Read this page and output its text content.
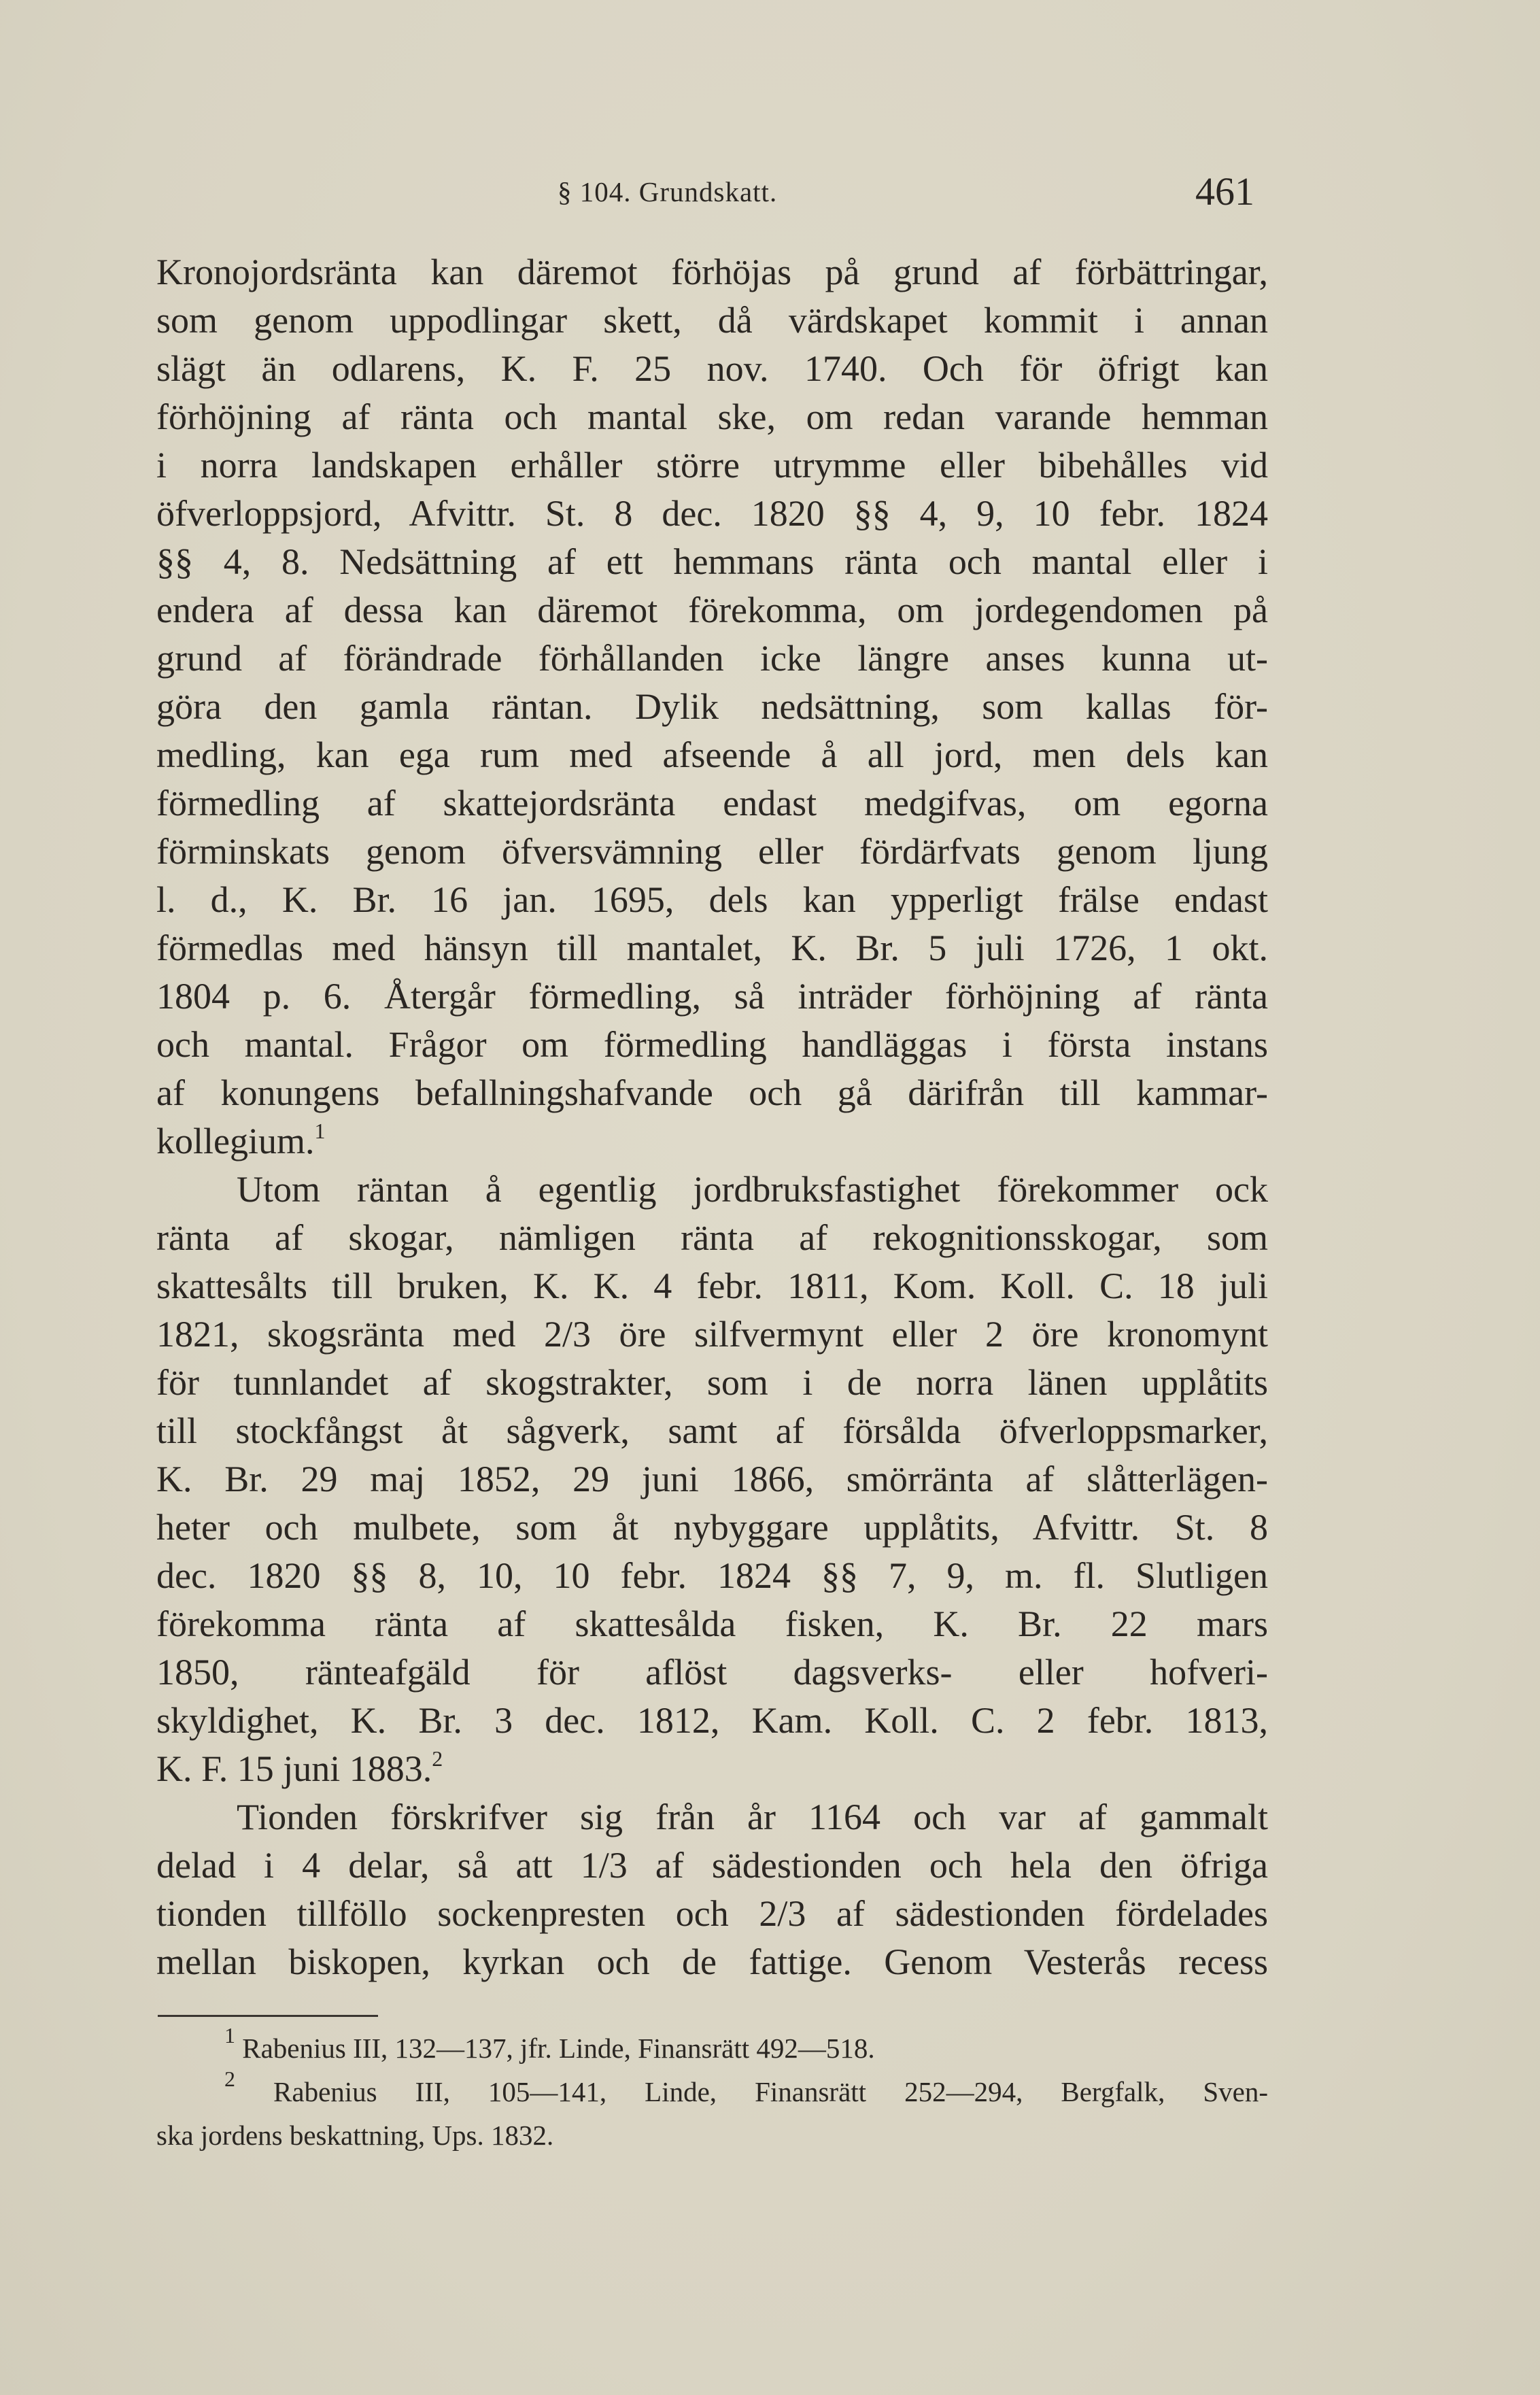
§ 104. Grundskatt.	461
Kronojordsränta kan däremot förhöjas på grund af förbättringar,
som genom uppodlingar skett, då värdskapet kommit i annan
slägt än odlarens, K. F. 25 nov. 1740. Och för öfrigt kan
förhöjning af ränta och mantal ske, om redan varande hemman
i norra landskapen erhåller större utrymme eller bibehålles vid
öfverloppsjord, Afvittr. St. 8 dec. 1820 §§ 4, 9, 10 febr. 1824
§§ 4, 8. Nedsättning af ett hemmans ränta och mantal eller i
endera af dessa kan däremot förekomma, om jordegendomen på
grund af förändrade förhållanden icke längre anses kunna ut-
göra den gamla räntan. Dylik nedsättning, som kallas för-
medling, kan ega rum med afseende å all jord, men dels kan
förmedling af skattejordsränta endast medgifvas, om egorna
förminskats genom öfversvämning eller fördärfvats genom ljung
l. d., K. Br. 16 jan. 1695, dels kan ypperligt frälse endast
förmedlas med hänsyn till mantalet, K. Br. 5 juli 1726, 1 okt.
1804 p. 6. Återgår förmedling, så inträder förhöjning af ränta
och mantal. Frågor om förmedling handläggas i första instans
af konungens befallningshafvande och gå därifrån till kammar-
kollegium.$^1$
Utom räntan å egentlig jordbruksfastighet förekommer ock
ränta af skogar, nämligen ränta af rekognitionsskogar, som
skattesålts till bruken, K. K. 4 febr. 1811, Kom. Koll. C. 18 juli
1821, skogsränta med 2/3 öre silfvermynt eller 2 öre kronomynt
för tunnlandet af skogstrakter, som i de norra länen upplåtits
till stockfångst åt sågverk, samt af försålda öfverloppsmarker,
K. Br. 29 maj 1852, 29 juni 1866, smörränta af slåtterlägen-
heter och mulbete, som åt nybyggare upplåtits, Afvittr. St. 8
dec. 1820 §§ 8, 10, 10 febr. 1824 §§ 7, 9, m. fl. Slutligen
förekomma ränta af skattesålda fisken, K. Br. 22 mars
1850, ränteafgäld för aflöst dagsverks- eller hofveri-
skyldighet, K. Br. 3 dec. 1812, Kam. Koll. C. 2 febr. 1813,
K. F. 15 juni 1883.$^2$
Tionden förskrifver sig från år 1164 och var af gammalt
delad i 4 delar, så att 1/3 af sädestionden och hela den öfriga
tionden tillföllo sockenpresten och 2/3 af sädestionden fördelades
mellan biskopen, kyrkan och de fattige. Genom Vesterås recess
$^1$ Rabenius III, 132—137, jfr. Linde, Finansrätt 492—518.
$^2$ Rabenius III, 105—141, Linde, Finansrätt 252—294, Bergfalk, Sven-
ska jordens beskattning, Ups. 1832.
